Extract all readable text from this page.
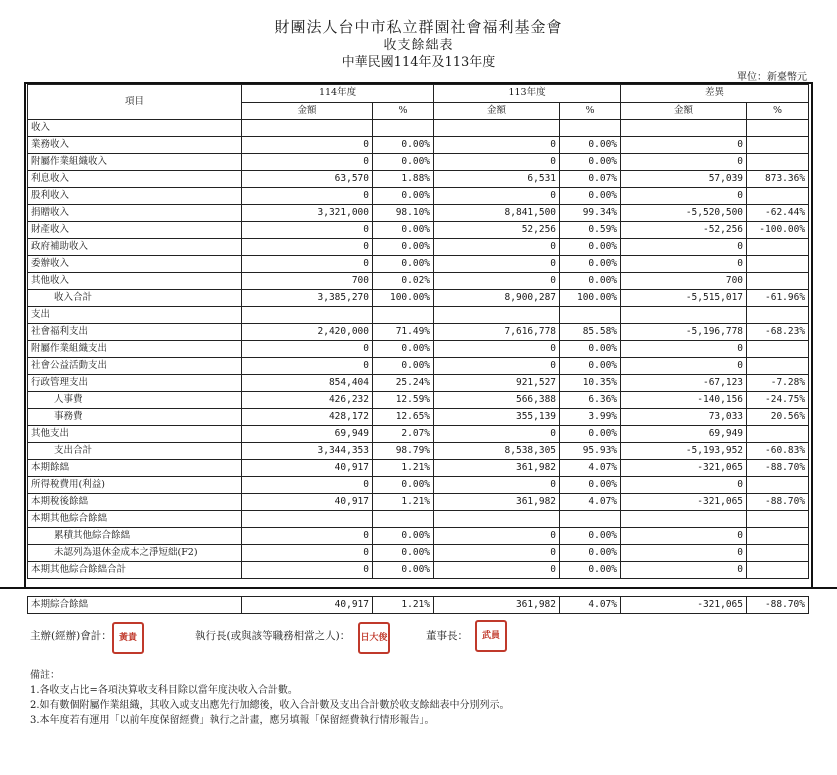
財團法人台中市私立群園社會福利基金會
收支餘絀表
中華民國114年及113年度
單位：新臺幣元
項目	114年度		113年度		差異	
	金額	%	金額	%	金額	%
收入						
業務收入	0	0.00%	0	0.00%	0	
附屬作業組織收入	0	0.00%	0	0.00%	0	
利息收入	63,570	1.88%	6,531	0.07%	57,039	873.36%
股利收入	0	0.00%	0	0.00%	0	
捐贈收入	3,321,000	98.10%	8,841,500	99.34%	-5,520,500	-62.44%
財產收入	0	0.00%	52,256	0.59%	-52,256	-100.00%
政府補助收入	0	0.00%	0	0.00%	0	
委辦收入	0	0.00%	0	0.00%	0	
其他收入	700	0.02%	0	0.00%	700	
收入合計	3,385,270	100.00%	8,900,287	100.00%	-5,515,017	-61.96%
支出						
社會福利支出	2,420,000	71.49%	7,616,778	85.58%	-5,196,778	-68.23%
附屬作業組織支出	0	0.00%	0	0.00%	0	
社會公益活動支出	0	0.00%	0	0.00%	0	
行政管理支出	854,404	25.24%	921,527	10.35%	-67,123	-7.28%
人事費	426,232	12.59%	566,388	6.36%	-140,156	-24.75%
事務費	428,172	12.65%	355,139	3.99%	73,033	20.56%
其他支出	69,949	2.07%	0	0.00%	69,949	
支出合計	3,344,353	98.79%	8,538,305	95.93%	-5,193,952	-60.83%
本期餘絀	40,917	1.21%	361,982	4.07%	-321,065	-88.70%
所得稅費用(利益)	0	0.00%	0	0.00%	0	
本期稅後餘絀	40,917	1.21%	361,982	4.07%	-321,065	-88.70%
本期其他綜合餘絀						
累積其他綜合餘絀	0	0.00%	0	0.00%	0	
未認列為退休金成本之淨短絀(F2)	0	0.00%	0	0.00%	0	
本期其他綜合餘絀合計	0	0.00%	0	0.00%	0	
本期綜合餘絀	40,917	1.21%	361,982	4.07%	-321,065	-88.70%
主辦(經辦)會計： 黃貴	執行長(或與該等職務相當之人)： 日大俊	董事長：	武員
備註：
1.各收支占比=各項決算收支科目除以當年度決收入合計數。
2.如有數個附屬作業組織，其收入或支出應先行加總後，收入合計數及支出合計數於收支餘絀表中分別列示。
3.本年度若有運用「以前年度保留經費」執行之計畫，應另填報「保留經費執行情形報告」。
